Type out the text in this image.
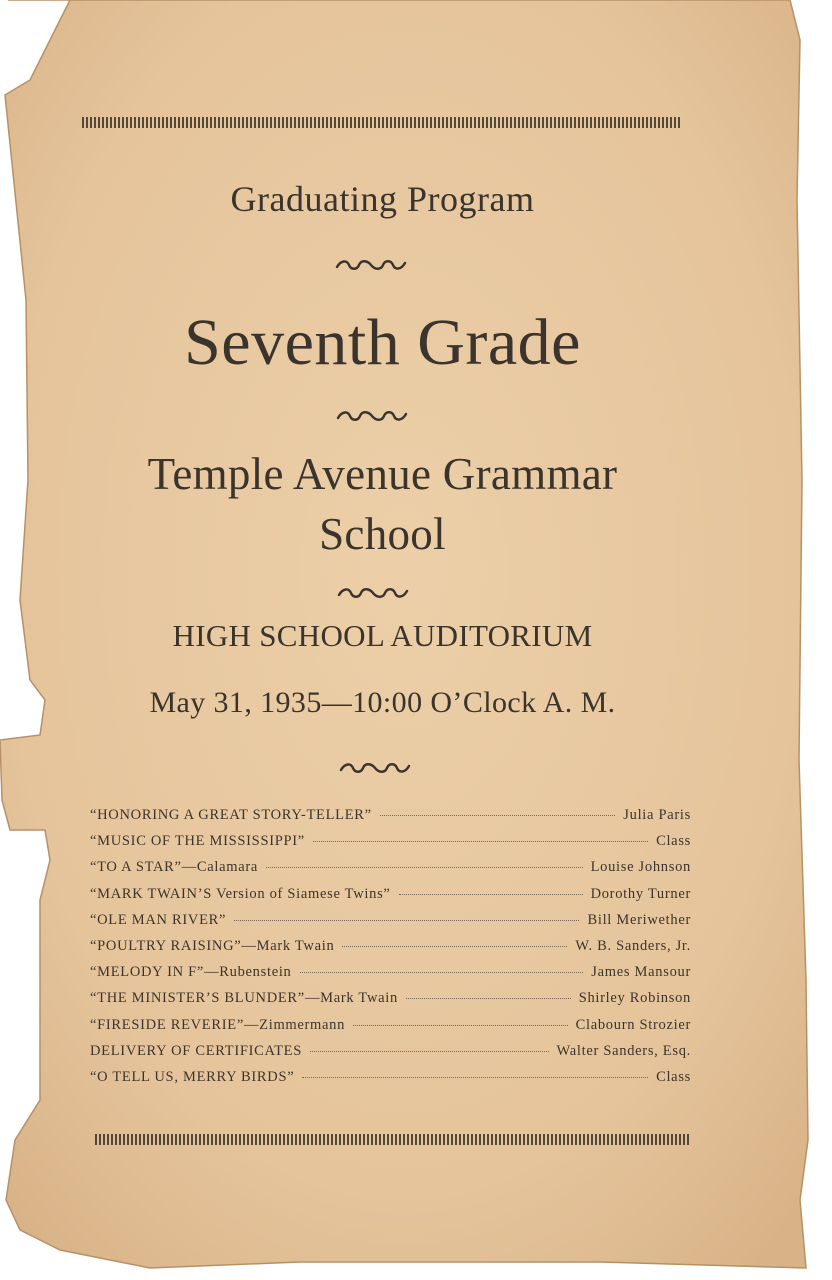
Graduating Program
Seventh Grade
Temple Avenue Grammar
School
HIGH SCHOOL AUDITORIUM
May 31, 1935—10:00 O’Clock A. M.
“HONORING A GREAT STORY-TELLER”	Julia Paris
“MUSIC OF THE MISSISSIPPI”	Class
“TO A STAR”—Calamara	Louise Johnson
“MARK TWAIN’S Version of Siamese Twins”	Dorothy Turner
“OLE MAN RIVER”	Bill Meriwether
“POULTRY RAISING”—Mark Twain	W. B. Sanders, Jr.
“MELODY IN F”—Rubenstein	James Mansour
“THE MINISTER’S BLUNDER”—Mark Twain	Shirley Robinson
“FIRESIDE REVERIE”—Zimmermann	Clabourn Strozier
DELIVERY OF CERTIFICATES	Walter Sanders, Esq.
“O TELL US, MERRY BIRDS”	Class
